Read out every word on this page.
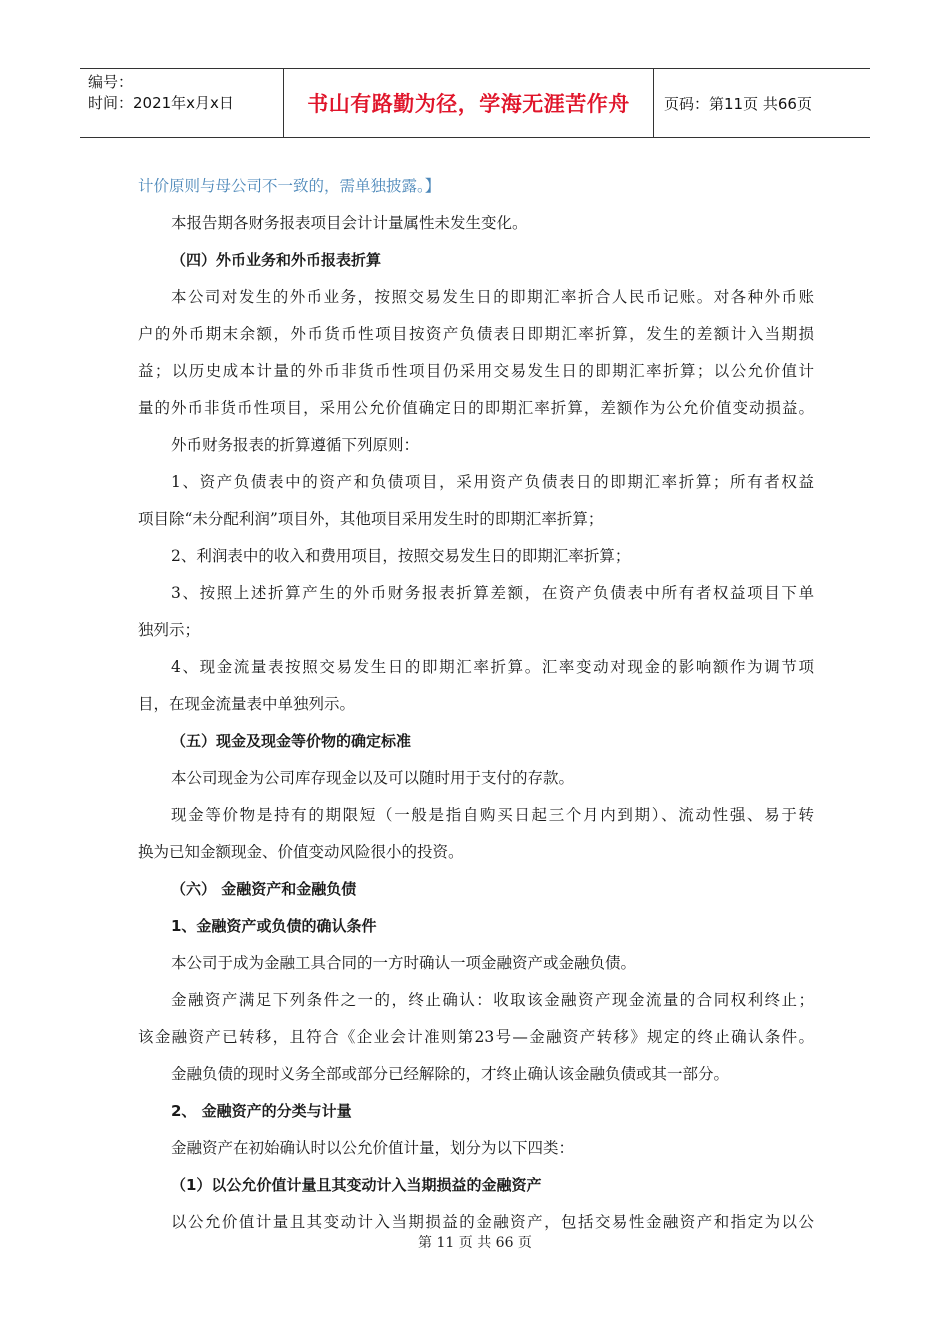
编号：
时间：2021年x月x日	书山有路勤为径，学海无涯苦作舟	页码：第11页 共66页
计价原则与母公司不一致的，需单独披露。】
本报告期各财务报表项目会计计量属性未发生变化。
（四）外币业务和外币报表折算
本公司对发生的外币业务，按照交易发生日的即期汇率折合人民币记账。对各种外币账
户的外币期末余额，外币货币性项目按资产负债表日即期汇率折算，发生的差额计入当期损
益；以历史成本计量的外币非货币性项目仍采用交易发生日的即期汇率折算；以公允价值计
量的外币非货币性项目，采用公允价值确定日的即期汇率折算，差额作为公允价值变动损益。
外币财务报表的折算遵循下列原则：
1、资产负债表中的资产和负债项目，采用资产负债表日的即期汇率折算；所有者权益
项目除“未分配利润”项目外，其他项目采用发生时的即期汇率折算；
2、利润表中的收入和费用项目，按照交易发生日的即期汇率折算；
3、按照上述折算产生的外币财务报表折算差额，在资产负债表中所有者权益项目下单
独列示；
4、现金流量表按照交易发生日的即期汇率折算。汇率变动对现金的影响额作为调节项
目，在现金流量表中单独列示。
（五）现金及现金等价物的确定标准
本公司现金为公司库存现金以及可以随时用于支付的存款。
现金等价物是持有的期限短（一般是指自购买日起三个月内到期）、流动性强、易于转
换为已知金额现金、价值变动风险很小的投资。
（六） 金融资产和金融负债
1、金融资产或负债的确认条件
本公司于成为金融工具合同的一方时确认一项金融资产或金融负债。
金融资产满足下列条件之一的，终止确认：收取该金融资产现金流量的合同权利终止；
该金融资产已转移，且符合《企业会计准则第23号—金融资产转移》规定的终止确认条件。
金融负债的现时义务全部或部分已经解除的，才终止确认该金融负债或其一部分。
2、 金融资产的分类与计量
金融资产在初始确认时以公允价值计量，划分为以下四类：
（1）以公允价值计量且其变动计入当期损益的金融资产
以公允价值计量且其变动计入当期损益的金融资产，包括交易性金融资产和指定为以公
第 11 页 共 66 页
